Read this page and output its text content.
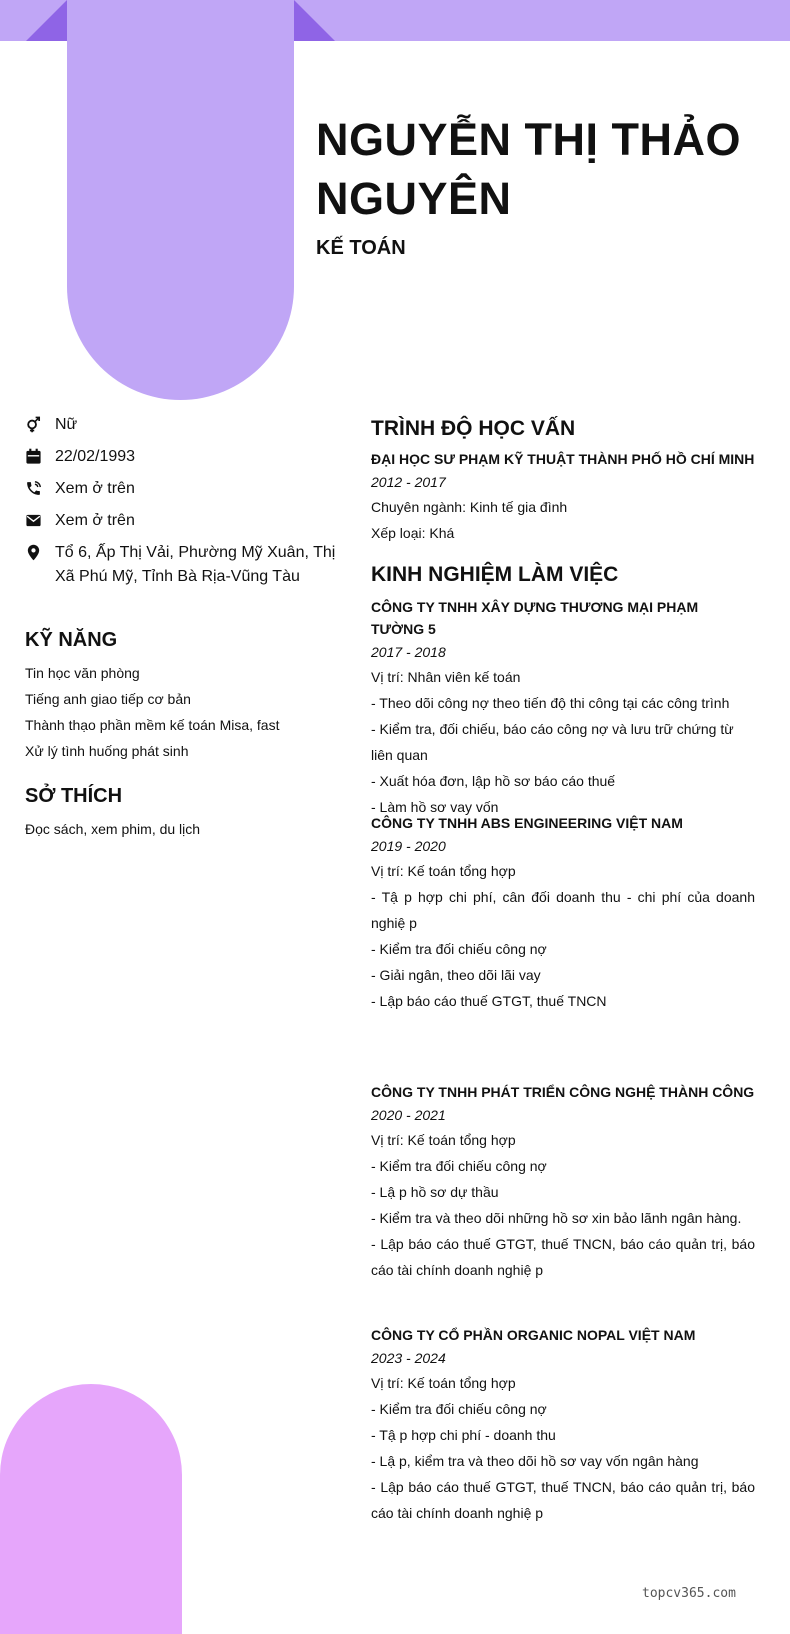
NGUYỄN THỊ THẢO NGUYÊN
KẾ TOÁN
Nữ
22/02/1993
Xem ở trên
Xem ở trên
Tổ 6, Ấp Thị Vải, Phường Mỹ Xuân, Thị Xã Phú Mỹ, Tỉnh Bà Rịa-Vũng Tàu
KỸ NĂNG
Tin học văn phòng
Tiếng anh giao tiếp cơ bản
Thành thạo phần mềm kế toán Misa, fast
Xử lý tình huống phát sinh
SỞ THÍCH
Đọc sách, xem phim, du lịch
TRÌNH ĐỘ HỌC VẤN
ĐẠI HỌC SƯ PHẠM KỸ THUẬT THÀNH PHỐ HỒ CHÍ MINH
2012 - 2017
Chuyên ngành: Kinh tế gia đình
Xếp loại: Khá
KINH NGHIỆM LÀM VIỆC
CÔNG TY TNHH XÂY DỰNG THƯƠNG MẠI PHẠM TƯỜNG 5
2017 - 2018
Vị trí: Nhân viên kế toán
- Theo dõi công nợ theo tiến độ thi công tại các công trình
- Kiểm tra, đối chiếu, báo cáo công nợ và lưu trữ chứng từ liên quan
- Xuất hóa đơn, lập hồ sơ báo cáo thuế
- Làm hồ sơ vay vốn
CÔNG TY TNHH ABS ENGINEERING VIỆT NAM
2019 - 2020
Vị trí: Kế toán tổng hợp
- Tậ p hợp chi phí, cân đối doanh thu - chi phí của doanh nghiệ p
- Kiểm tra đối chiếu công nợ
- Giải ngân, theo dõi lãi vay
- Lập báo cáo thuế GTGT, thuế TNCN
CÔNG TY TNHH PHÁT TRIỂN CÔNG NGHỆ THÀNH CÔNG
2020 - 2021
Vị trí: Kế toán tổng hợp
- Kiểm tra đối chiếu công nợ
- Lậ p hồ sơ dự thầu
- Kiểm tra và theo dõi những hồ sơ xin bảo lãnh ngân hàng.
- Lập báo cáo thuế GTGT, thuế TNCN, báo cáo quản trị, báo cáo tài chính doanh nghiệ p
CÔNG TY CỔ PHẦN ORGANIC NOPAL VIỆT NAM
2023 - 2024
Vị trí: Kế toán tổng hợp
- Kiểm tra đối chiếu công nợ
- Tậ p hợp chi phí - doanh thu
- Lậ p, kiểm tra và theo dõi hồ sơ vay vốn ngân hàng
- Lập báo cáo thuế GTGT, thuế TNCN, báo cáo quản trị, báo cáo tài chính doanh nghiệ p
topcv365.com
